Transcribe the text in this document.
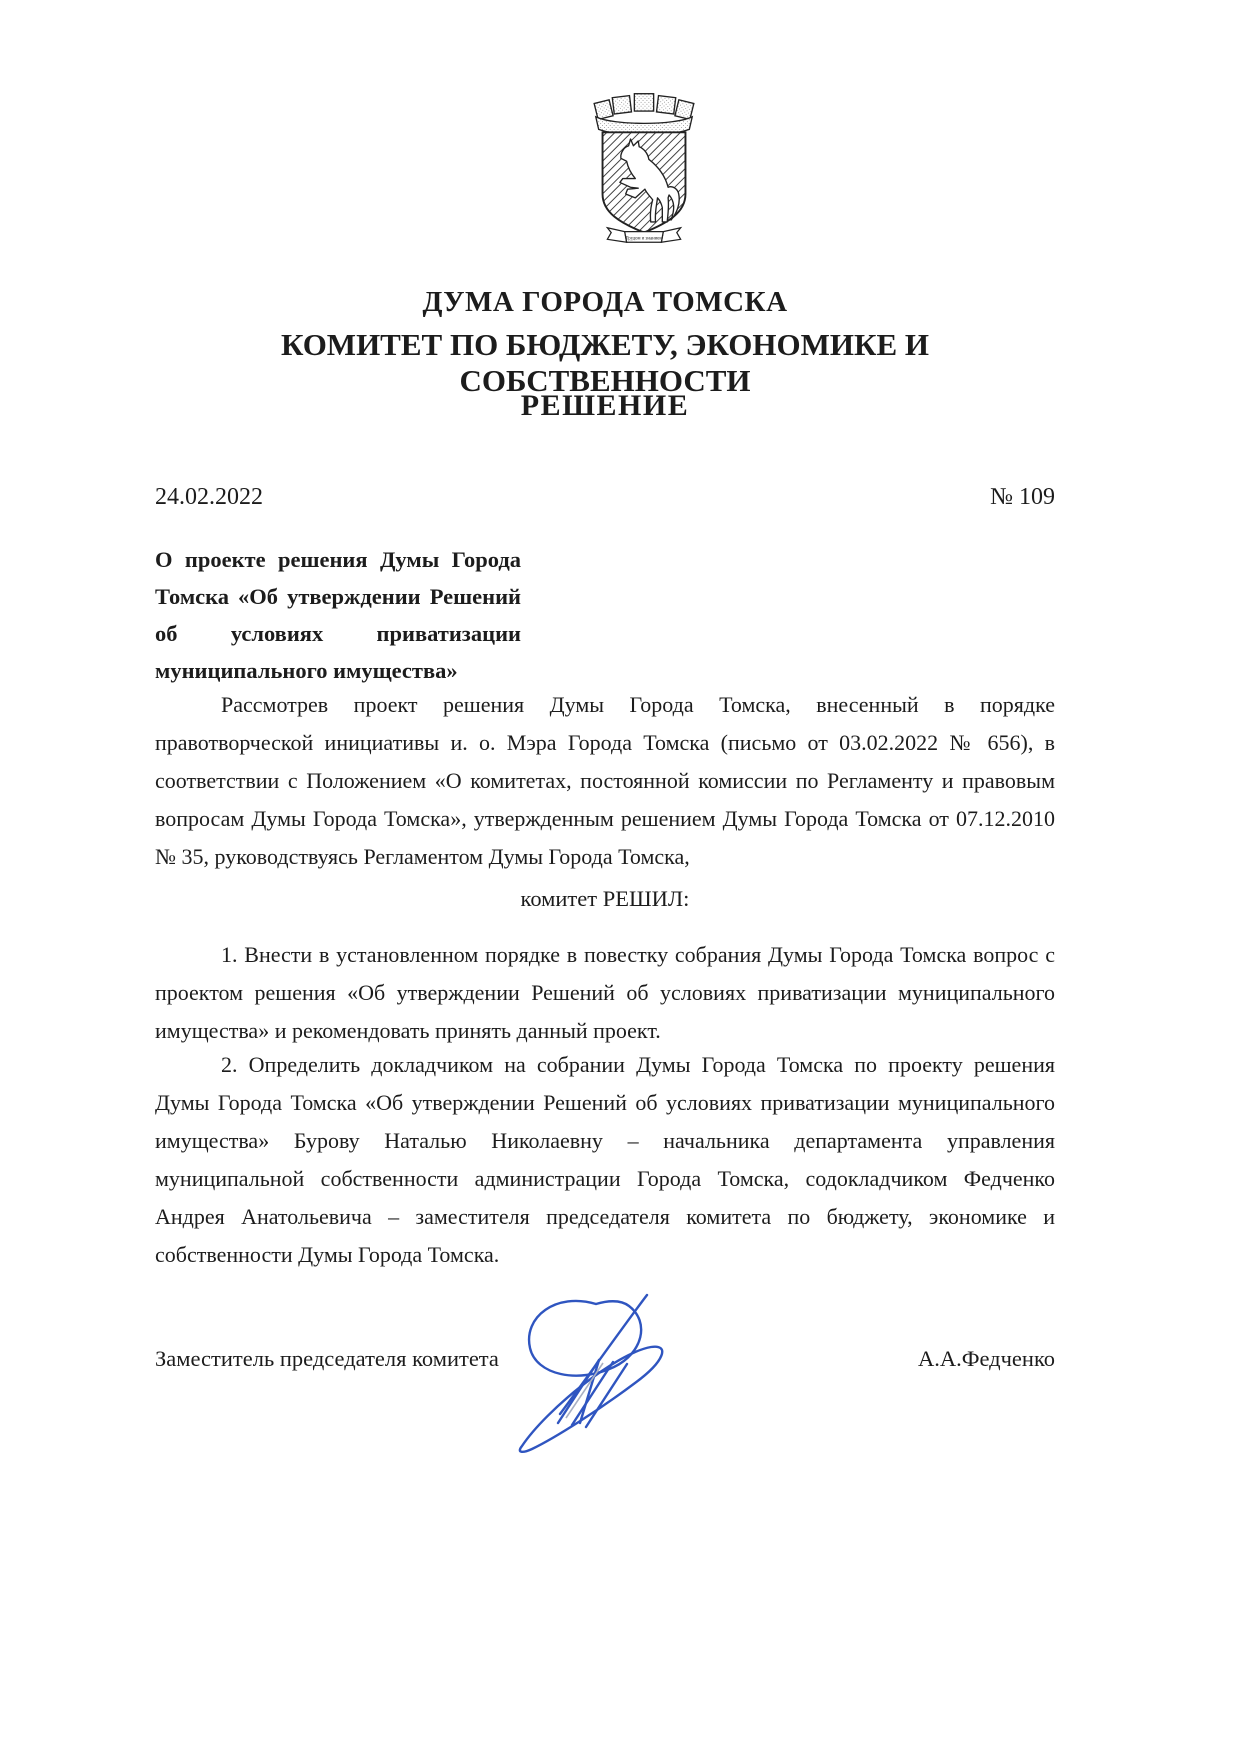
Трудом и знанием
ДУМА ГОРОДА ТОМСКА
КОМИТЕТ ПО БЮДЖЕТУ, ЭКОНОМИКЕ И СОБСТВЕННОСТИ
РЕШЕНИЕ
24.02.2022	№ 109
О проекте решения Думы Города Томска «Об утверждении Решений об условиях приватизации муниципального имущества»

Рассмотрев проект решения Думы Города Томска, внесенный в порядке правотворческой инициативы и. о. Мэра Города Томска (письмо от 03.02.2022 № 656), в соответствии с Положением «О комитетах, постоянной комиссии по Регламенту и правовым вопросам Думы Города Томска», утвержденным решением Думы Города Томска от 07.12.2010 № 35, руководствуясь Регламентом Думы Города Томска,

комитет РЕШИЛ:

1. Внести в установленном порядке в повестку собрания Думы Города Томска вопрос с проектом решения «Об утверждении Решений об условиях приватизации муниципального имущества» и рекомендовать принять данный проект.

2. Определить докладчиком на собрании Думы Города Томска по проекту решения Думы Города Томска «Об утверждении Решений об условиях приватизации муниципального имущества» Бурову Наталью Николаевну – начальника департамента управления муниципальной собственности администрации Города Томска, содокладчиком Федченко Андрея Анатольевича – заместителя председателя комитета по бюджету, экономике и собственности Думы Города Томска.

Заместитель председателя комитета	А.А.Федченко
